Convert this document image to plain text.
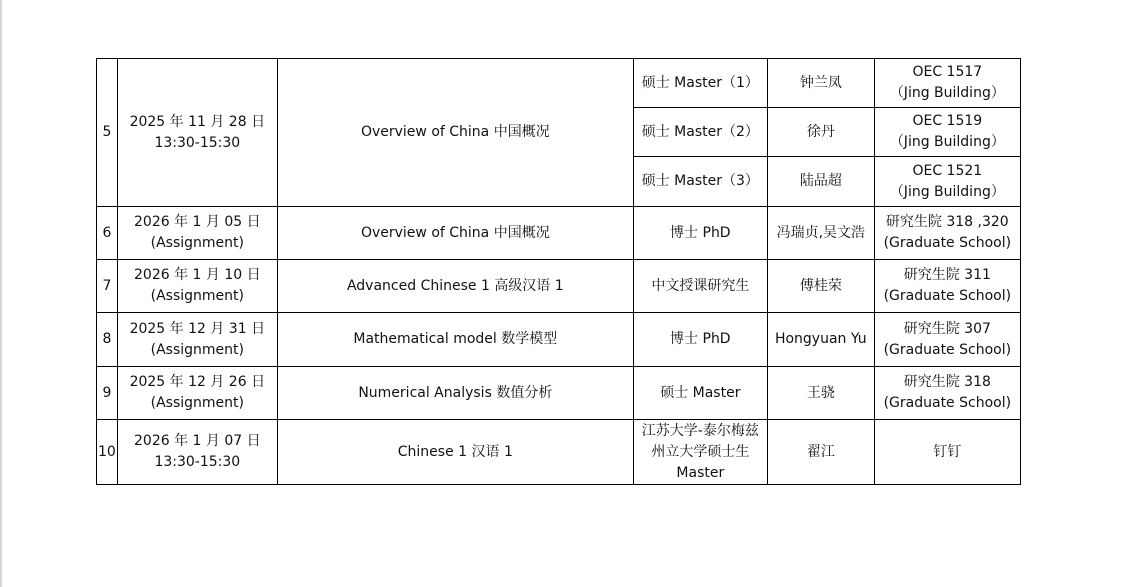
5	2025 年 11 月 28 日
13:30-15:30	Overview of China 中国概况	硕士 Master（1）	钟兰凤	OEC 1517
（Jing Building）

			硕士 Master（2）	徐丹	OEC 1519
（Jing Building）

			硕士 Master（3）	陆品超	OEC 1521
（Jing Building）

6	2026 年 1 月 05 日
(Assignment)	Overview of China 中国概况	博士 PhD	冯瑞贞,吴文浩	研究生院 318 ,320
(Graduate School)

7	2026 年 1 月 10 日
(Assignment)	Advanced Chinese 1 高级汉语 1	中文授课研究生	傅桂荣	研究生院 311
(Graduate School)

8	2025 年 12 月 31 日
(Assignment)	Mathematical model 数学模型	博士 PhD	Hongyuan Yu	研究生院 307
(Graduate School)

9	2025 年 12 月 26 日
(Assignment)	Numerical Analysis 数值分析	硕士 Master	王骁	研究生院 318
(Graduate School)

10	2026 年 1 月 07 日
13:30-15:30	Chinese 1 汉语 1	江苏大学-泰尔梅兹州立大学硕士生 Master	翟江	钉钉
